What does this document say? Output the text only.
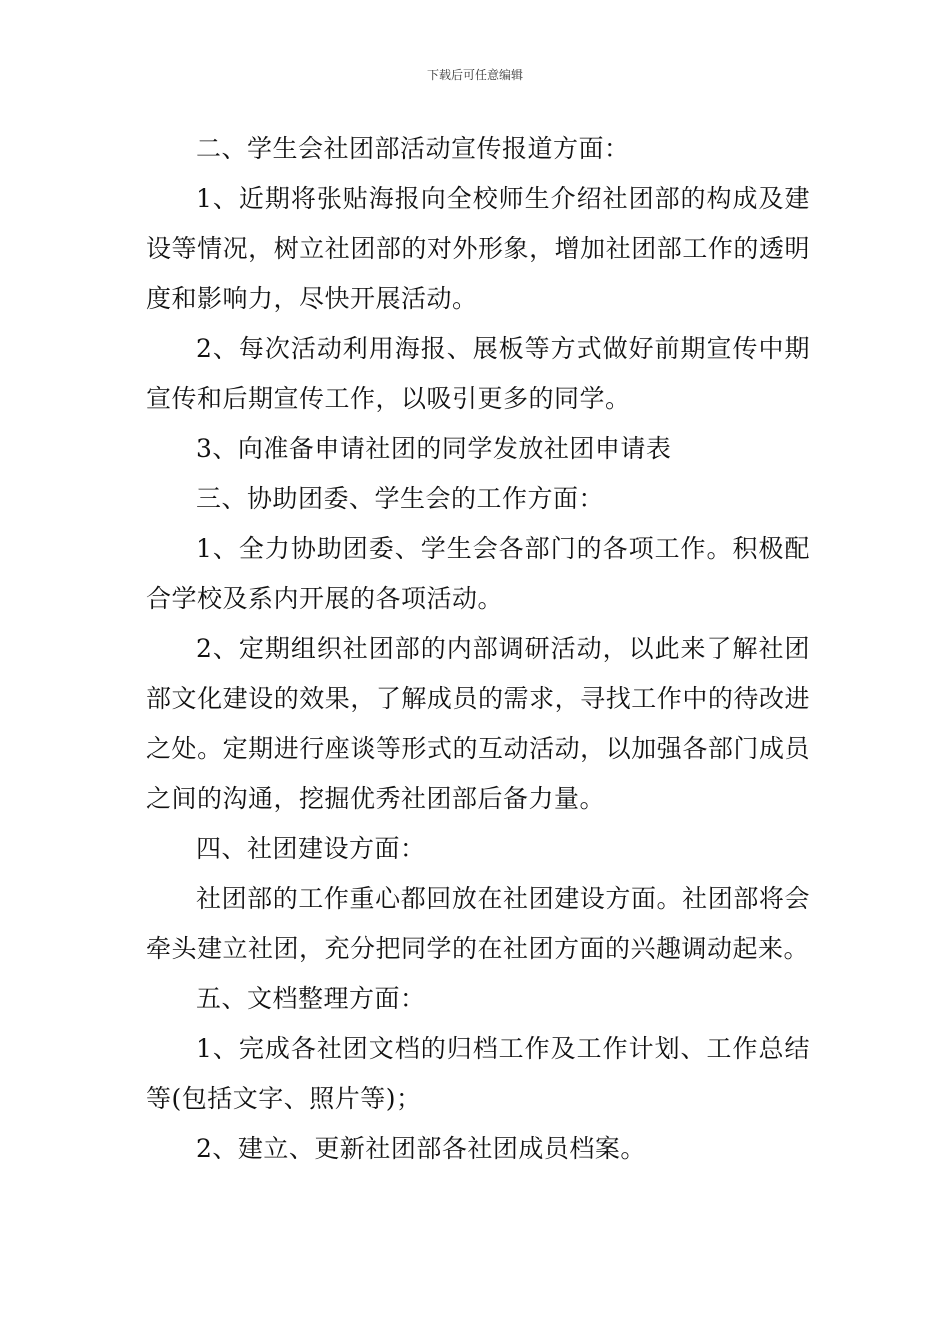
下载后可任意编辑

二、学生会社团部活动宣传报道方面：

1、近期将张贴海报向全校师生介绍社团部的构成及建设等情况，树立社团部的对外形象，增加社团部工作的透明度和影响力，尽快开展活动。

2、每次活动利用海报、展板等方式做好前期宣传中期宣传和后期宣传工作，以吸引更多的同学。

3、向准备申请社团的同学发放社团申请表

三、协助团委、学生会的工作方面：

1、全力协助团委、学生会各部门的各项工作。积极配合学校及系内开展的各项活动。

2、定期组织社团部的内部调研活动，以此来了解社团部文化建设的效果，了解成员的需求，寻找工作中的待改进之处。定期进行座谈等形式的互动活动，以加强各部门成员之间的沟通，挖掘优秀社团部后备力量。

四、社团建设方面：

社团部的工作重心都回放在社团建设方面。社团部将会牵头建立社团，充分把同学的在社团方面的兴趣调动起来。

五、文档整理方面：

1、完成各社团文档的归档工作及工作计划、工作总结等(包括文字、照片等)；

2、建立、更新社团部各社团成员档案。
